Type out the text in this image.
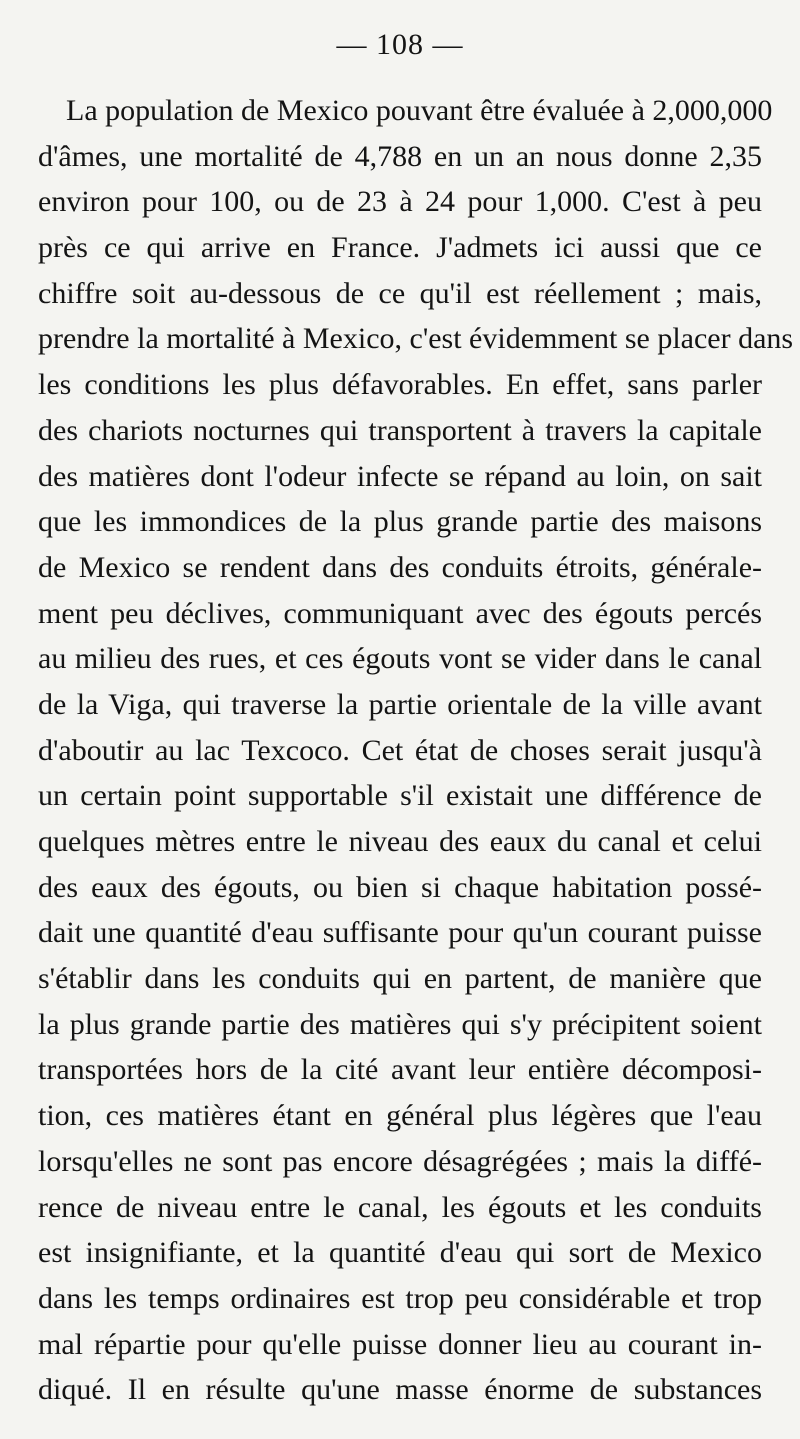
— 108 —
La population de Mexico pouvant être évaluée à 2,000,000
d'âmes, une mortalité de 4,788 en un an nous donne 2,35
environ pour 100, ou de 23 à 24 pour 1,000. C'est à peu
près ce qui arrive en France. J'admets ici aussi que ce
chiffre soit au-dessous de ce qu'il est réellement ; mais,
prendre la mortalité à Mexico, c'est évidemment se placer dans
les conditions les plus défavorables. En effet, sans parler
des chariots nocturnes qui transportent à travers la capitale
des matières dont l'odeur infecte se répand au loin, on sait
que les immondices de la plus grande partie des maisons
de Mexico se rendent dans des conduits étroits, générale-
ment peu déclives, communiquant avec des égouts percés
au milieu des rues, et ces égouts vont se vider dans le canal
de la Viga, qui traverse la partie orientale de la ville avant
d'aboutir au lac Texcoco. Cet état de choses serait jusqu'à
un certain point supportable s'il existait une différence de
quelques mètres entre le niveau des eaux du canal et celui
des eaux des égouts, ou bien si chaque habitation possé-
dait une quantité d'eau suffisante pour qu'un courant puisse
s'établir dans les conduits qui en partent, de manière que
la plus grande partie des matières qui s'y précipitent soient
transportées hors de la cité avant leur entière décomposi-
tion, ces matières étant en général plus légères que l'eau
lorsqu'elles ne sont pas encore désagrégées ; mais la diffé-
rence de niveau entre le canal, les égouts et les conduits
est insignifiante, et la quantité d'eau qui sort de Mexico
dans les temps ordinaires est trop peu considérable et trop
mal répartie pour qu'elle puisse donner lieu au courant in-
diqué. Il en résulte qu'une masse énorme de substances
